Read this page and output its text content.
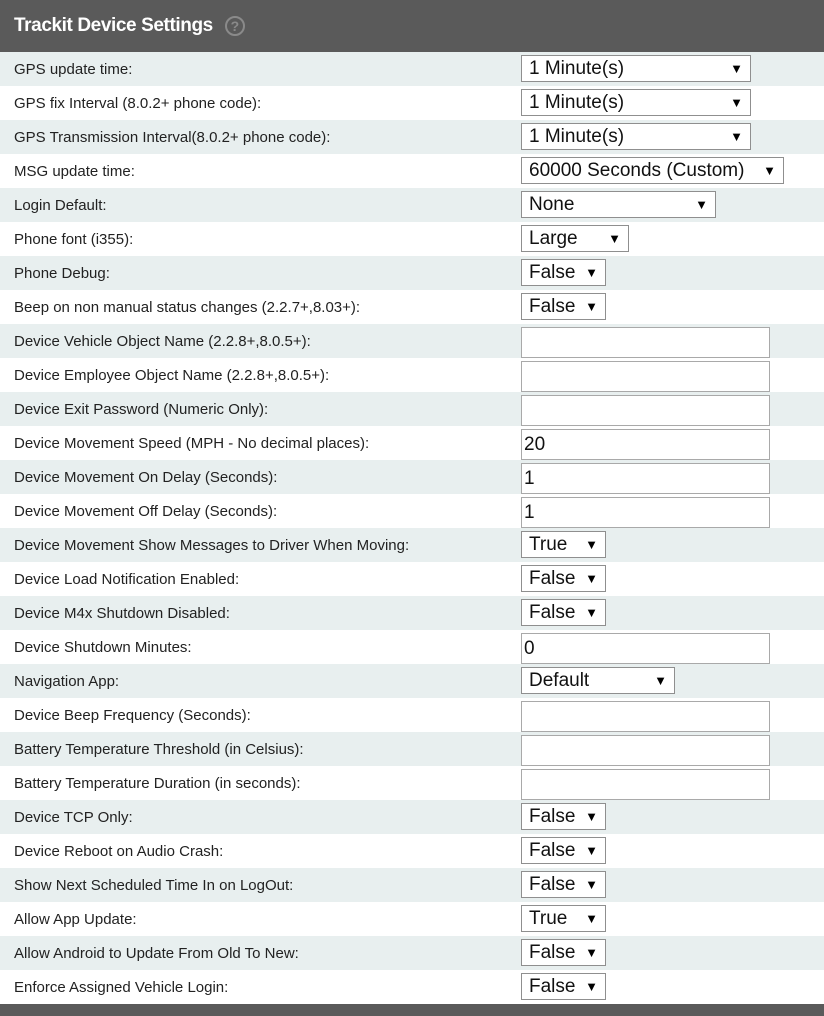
Trackit Device Settings	?
GPS update time:	1 Minute(s)	▼
GPS fix Interval (8.0.2+ phone code):	1 Minute(s)	▼
GPS Transmission Interval(8.0.2+ phone code):	1 Minute(s)	▼
MSG update time:	60000 Seconds (Custom) ▼
Login Default:	None	▼
Phone font (i355):	Large ▼
Phone Debug:	False ▼
Beep on non manual status changes (2.2.7+,8.03+):	False ▼
Device Vehicle Object Name (2.2.8+,8.0.5+):
Device Employee Object Name (2.2.8+,8.0.5+):
Device Exit Password (Numeric Only):
Device Movement Speed (MPH - No decimal places):	20
Device Movement On Delay (Seconds):	1
Device Movement Off Delay (Seconds):	1
Device Movement Show Messages to Driver When Moving:	True ▼
Device Load Notification Enabled:	False ▼
Device M4x Shutdown Disabled:	False ▼
Device Shutdown Minutes:	0
Navigation App:	Default	▼
Device Beep Frequency (Seconds):
Battery Temperature Threshold (in Celsius):
Battery Temperature Duration (in seconds):
Device TCP Only:	False ▼
Device Reboot on Audio Crash:	False ▼
Show Next Scheduled Time In on LogOut:	False ▼
Allow App Update:	True ▼
Allow Android to Update From Old To New:	False ▼
Enforce Assigned Vehicle Login:	False ▼
